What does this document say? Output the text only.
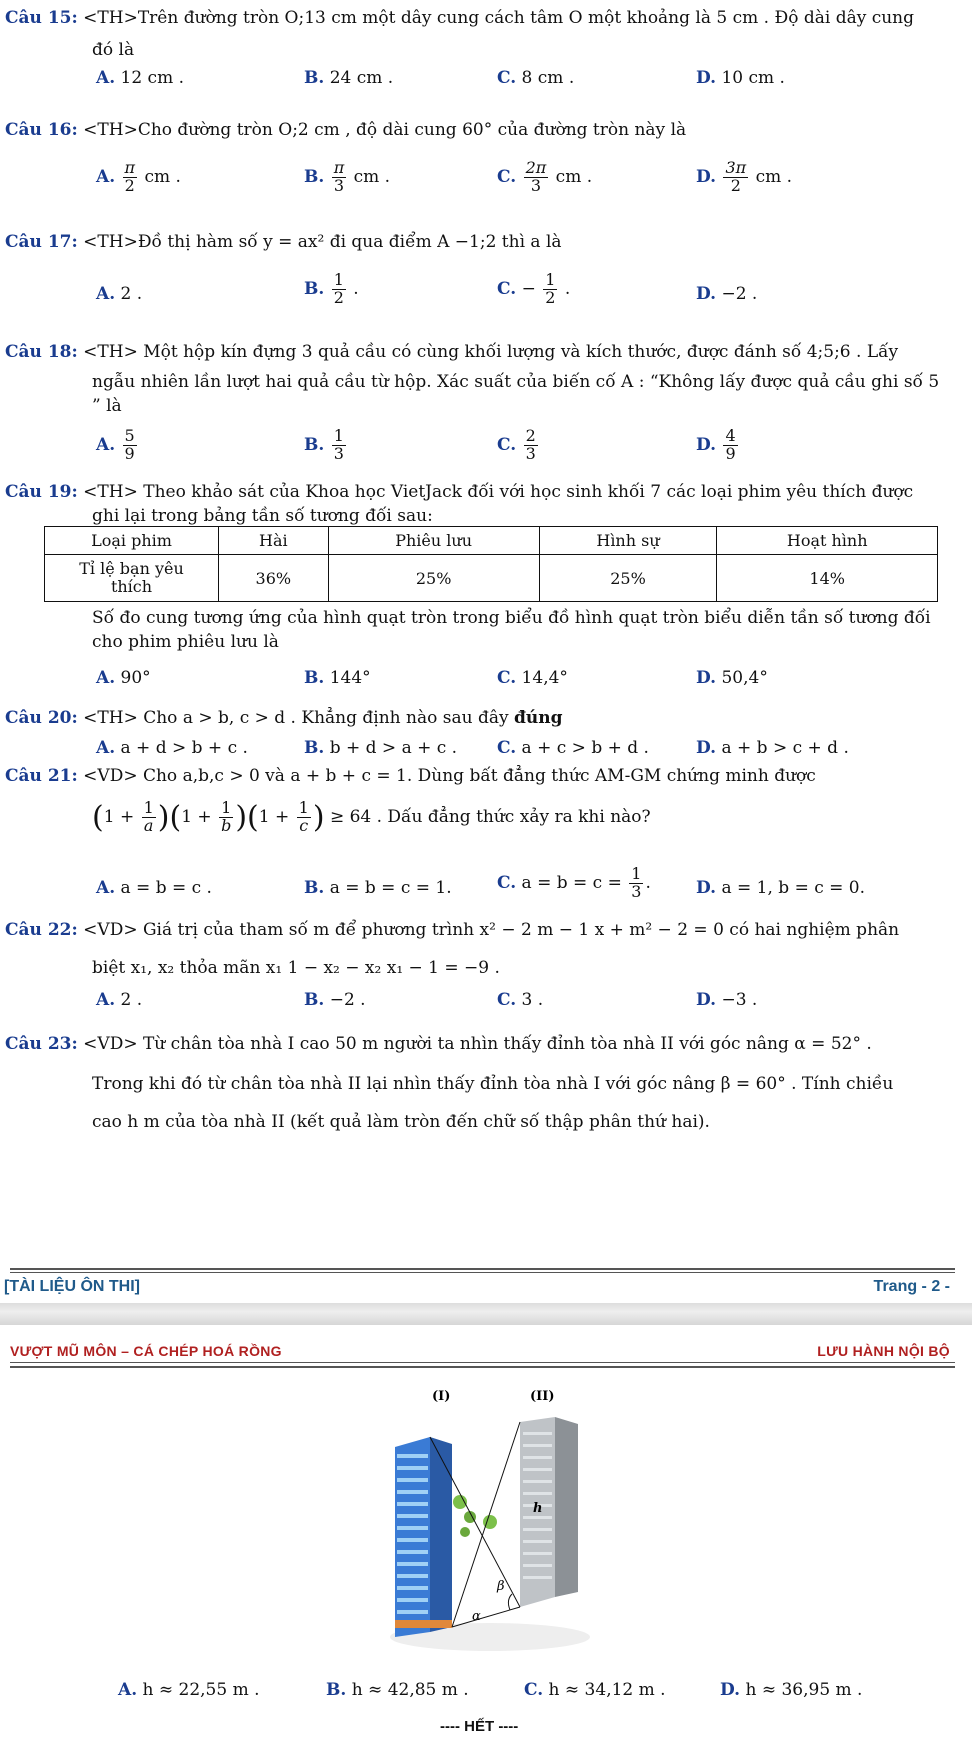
Câu 15: <TH>Trên đường tròn O;13 cm một dây cung cách tâm O một khoảng là 5 cm . Độ dài dây cung
đó là
A. 12 cm .	B. 24 cm .	C. 8 cm .	D. 10 cm .
Câu 16: <TH>Cho đường tròn O;2 cm , độ dài cung 60° của đường tròn này là
A. $\frac{\pi}{2}$ cm .	B. $\frac{\pi}{3}$ cm .	C. $\frac{2\pi}{3}$ cm .	D. $\frac{3\pi}{2}$ cm .
Câu 17: <TH>Đồ thị hàm số y = ax² đi qua điểm A −1;2 thì a là
A. 2 .	B. $\frac{1}{2}$ .	C. − $\frac{1}{2}$ .	D. −2 .
Câu 18: <TH> Một hộp kín đựng 3 quả cầu có cùng khối lượng và kích thước, được đánh số 4;5;6 . Lấy
ngẫu nhiên lần lượt hai quả cầu từ hộp. Xác suất của biến cố A : “Không lấy được quả cầu ghi số 5
” là
A. $\frac{5}{9}$	B. $\frac{1}{3}$	C. $\frac{2}{3}$	D. $\frac{4}{9}$
Câu 19: <TH> Theo khảo sát của Khoa học VietJack đối với học sinh khối 7 các loại phim yêu thích được
ghi lại trong bảng tần số tương đối sau:
Loại phim	Hài	Phiêu lưu	Hình sự	Hoạt hình
Tỉ lệ bạn yêu
thích	36%	25%	25%	14%
Số đo cung tương ứng của hình quạt tròn trong biểu đồ hình quạt tròn biểu diễn tần số tương đối
cho phim phiêu lưu là
A. 90°	B. 144°	C. 14,4°	D. 50,4°
Câu 20: <TH> Cho a > b, c > d . Khẳng định nào sau đây đúng
A. a + d > b + c .	B. b + d > a + c . C. a + c > b + d .	D. a + b > c + d .
Câu 21: <VD> Cho a,b,c > 0 và a + b + c = 1. Dùng bất đẳng thức AM-GM chứng minh được
$(1 + \frac{1}{a} )(1 + \frac{1}{b} )(1 + \frac{1}{c}$ ) ≥ 64 . Dấu đẳng thức xảy ra khi nào?
A. a = b = c .	B. a = b = c = 1.	C. $a = b = c = \frac{1}{3}$ .	D. a = 1, b = c = 0.
Câu 22: <VD> Giá trị của tham số m để phương trình x² − 2 m − 1 x + m² − 2 = 0 có hai nghiệm phân
biệt x₁, x₂ thỏa mãn x₁ 1 − x₂ − x₂ x₁ − 1 = −9 .
A. 2 .	B. −2 .	C. 3 .	D. −3 .
Câu 23: <VD> Từ chân tòa nhà I cao 50 m người ta nhìn thấy đỉnh tòa nhà II với góc nâng α = 52° .
Trong khi đó từ chân tòa nhà II lại nhìn thấy đỉnh tòa nhà I với góc nâng β = 60° . Tính chiều
cao h m của tòa nhà II (kết quả làm tròn đến chữ số thập phân thứ hai).
[TÀI LIỆU ÔN THI]	Trang - 2 -
VƯỢT MŨ MÔN – CÁ CHÉP HOÁ RỒNG	LƯU HÀNH NỘI BỘ
(I)	(II)
h
β
α
A. h ≈ 22,55 m .	B. h ≈ 42,85 m .	C. h ≈ 34,12 m .	D. h ≈ 36,95 m .
---- HẾT ----
